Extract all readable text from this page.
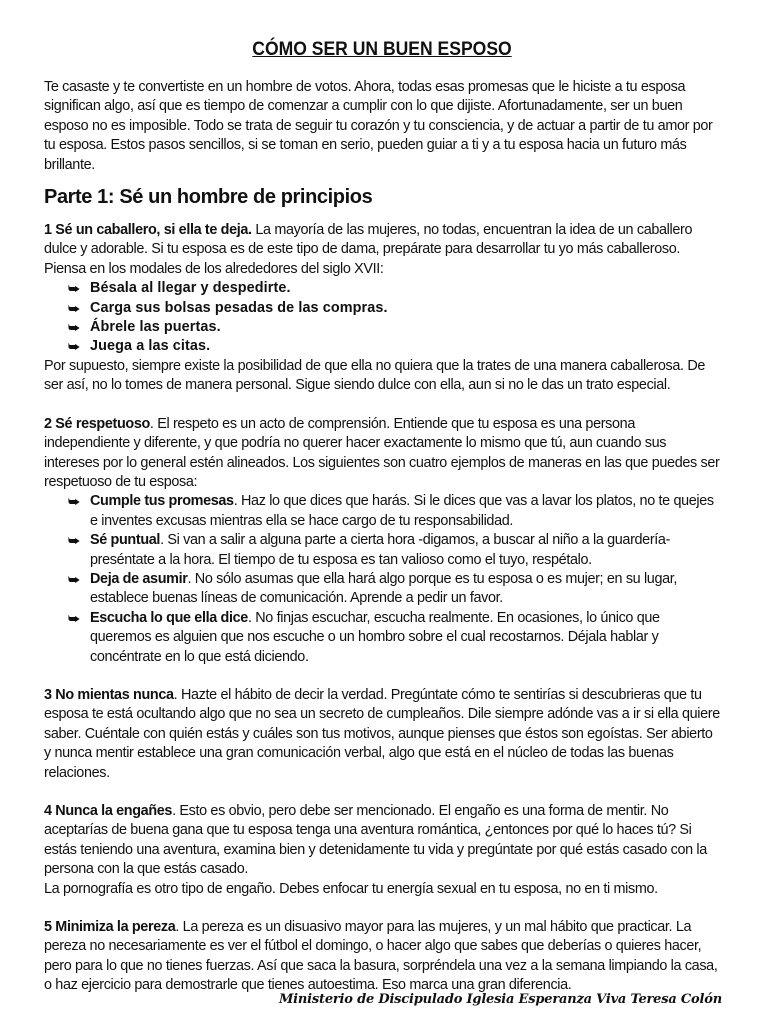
CÓMO SER UN BUEN ESPOSO

Te casaste y te convertiste en un hombre de votos. Ahora, todas esas promesas que le hiciste a tu esposa significan algo, así que es tiempo de comenzar a cumplir con lo que dijiste. Afortunadamente, ser un buen esposo no es imposible. Todo se trata de seguir tu corazón y tu consciencia, y de actuar a partir de tu amor por tu esposa. Estos pasos sencillos, si se toman en serio, pueden guiar a ti y a tu esposa hacia un futuro más brillante.

Parte 1: Sé un hombre de principios

1 Sé un caballero, si ella te deja. La mayoría de las mujeres, no todas, encuentran la idea de un caballero dulce y adorable. Si tu esposa es de este tipo de dama, prepárate para desarrollar tu yo más caballeroso. Piensa en los modales de los alrededores del siglo XVII:

⮩ Bésala al llegar y despedirte.
⮩ Carga sus bolsas pesadas de las compras.
⮩ Ábrele las puertas.
⮩ Juega a las citas.

Por supuesto, siempre existe la posibilidad de que ella no quiera que la trates de una manera caballerosa. De ser así, no lo tomes de manera personal. Sigue siendo dulce con ella, aun si no le das un trato especial.

2 Sé respetuoso. El respeto es un acto de comprensión. Entiende que tu esposa es una persona independiente y diferente, y que podría no querer hacer exactamente lo mismo que tú, aun cuando sus intereses por lo general estén alineados. Los siguientes son cuatro ejemplos de maneras en las que puedes ser respetuoso de tu esposa:

⮩ Cumple tus promesas. Haz lo que dices que harás. Si le dices que vas a lavar los platos, no te quejes e inventes excusas mientras ella se hace cargo de tu responsabilidad.
⮩ Sé puntual. Si van a salir a alguna parte a cierta hora -digamos, a buscar al niño a la guardería- preséntate a la hora. El tiempo de tu esposa es tan valioso como el tuyo, respétalo.
⮩ Deja de asumir. No sólo asumas que ella hará algo porque es tu esposa o es mujer; en su lugar, establece buenas líneas de comunicación. Aprende a pedir un favor.
⮩ Escucha lo que ella dice. No finjas escuchar, escucha realmente. En ocasiones, lo único que queremos es alguien que nos escuche o un hombro sobre el cual recostarnos. Déjala hablar y concéntrate en lo que está diciendo.

3 No mientas nunca. Hazte el hábito de decir la verdad. Pregúntate cómo te sentirías si descubrieras que tu esposa te está ocultando algo que no sea un secreto de cumpleaños. Dile siempre adónde vas a ir si ella quiere saber. Cuéntale con quién estás y cuáles son tus motivos, aunque pienses que éstos son egoístas. Ser abierto y nunca mentir establece una gran comunicación verbal, algo que está en el núcleo de todas las buenas relaciones.

4 Nunca la engañes. Esto es obvio, pero debe ser mencionado. El engaño es una forma de mentir. No aceptarías de buena gana que tu esposa tenga una aventura romántica, ¿entonces por qué lo haces tú? Si estás teniendo una aventura, examina bien y detenidamente tu vida y pregúntate por qué estás casado con la persona con la que estás casado.

La pornografía es otro tipo de engaño. Debes enfocar tu energía sexual en tu esposa, no en ti mismo.

5 Minimiza la pereza. La pereza es un disuasivo mayor para las mujeres, y un mal hábito que practicar. La pereza no necesariamente es ver el fútbol el domingo, o hacer algo que sabes que deberías o quieres hacer, pero para lo que no tienes fuerzas. Así que saca la basura, sorpréndela una vez a la semana limpiando la casa, o haz ejercicio para demostrarle que tienes autoestima. Eso marca una gran diferencia.

Ministerio de Discipulado Iglesia Esperanza Viva Teresa Colón
